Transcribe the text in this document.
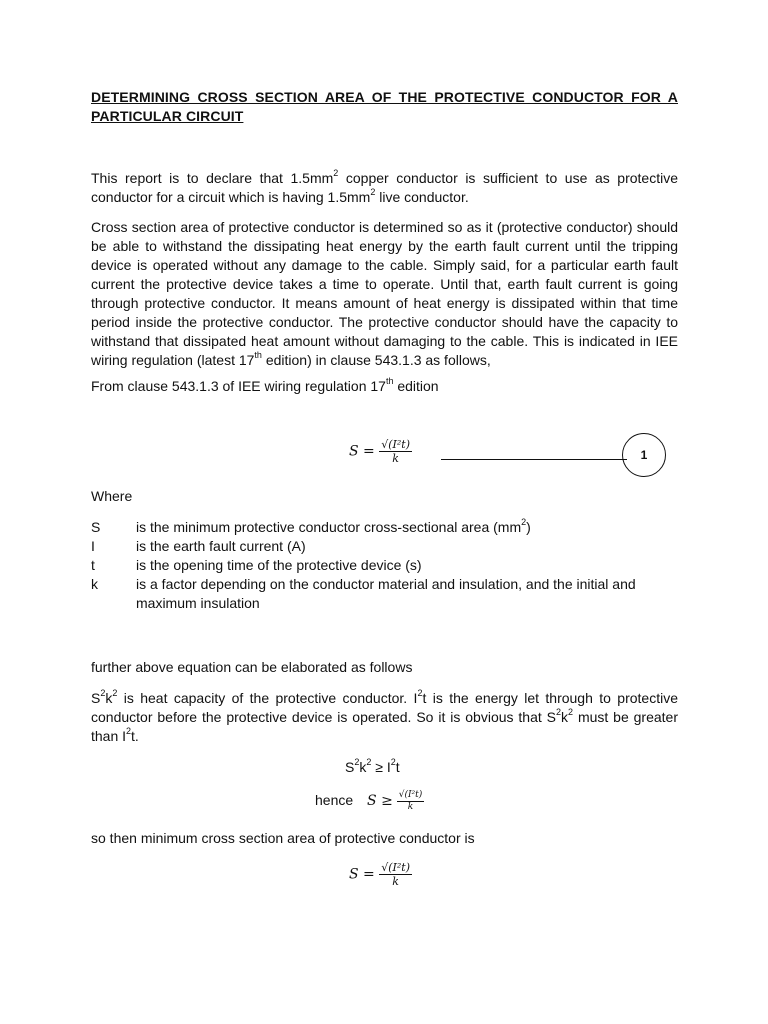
DETERMINING CROSS SECTION AREA OF THE PROTECTIVE CONDUCTOR FOR A PARTICULAR CIRCUIT
This report is to declare that $1.5mm^2$ copper conductor is sufficient to use as protective conductor for a circuit which is having $1.5mm^2$ live conductor.
Cross section area of protective conductor is determined so as it (protective conductor) should be able to withstand the dissipating heat energy by the earth fault current until the tripping device is operated without any damage to the cable. Simply said, for a particular earth fault current the protective device takes a time to operate. Until that, earth fault current is going through protective conductor. It means amount of heat energy is dissipated within that time period inside the protective conductor. The protective conductor should have the capacity to withstand that dissipated heat amount without damaging to the cable. This is indicated in IEE wiring regulation (latest 17th edition) in clause 543.1.3 as follows,
From clause 543.1.3 of IEE wiring regulation 17th edition
$S = \frac{\text{√(I²t)}}{k}$	1
Where
S	is the minimum protective conductor cross-sectional area $(mm^2)$
I	is the earth fault current (A)
t	is the opening time of the protective device (s)
k	is a factor depending on the conductor material and insulation, and the initial and maximum insulation
further above equation can be elaborated as follows
$S^2k^2$ is heat capacity of the protective conductor. $I^2t$ is the energy let through to protective conductor before the protective device is operated. So it is obvious that $S^2k^2$ must be greater than $I^2t$.
$S^2k^2 \ge I^2t$
hence $S \ge \frac{\text{√(I²t)}}{k}$
so then minimum cross section area of protective conductor is
$S = \frac{\text{√(I²t)}}{k}$
